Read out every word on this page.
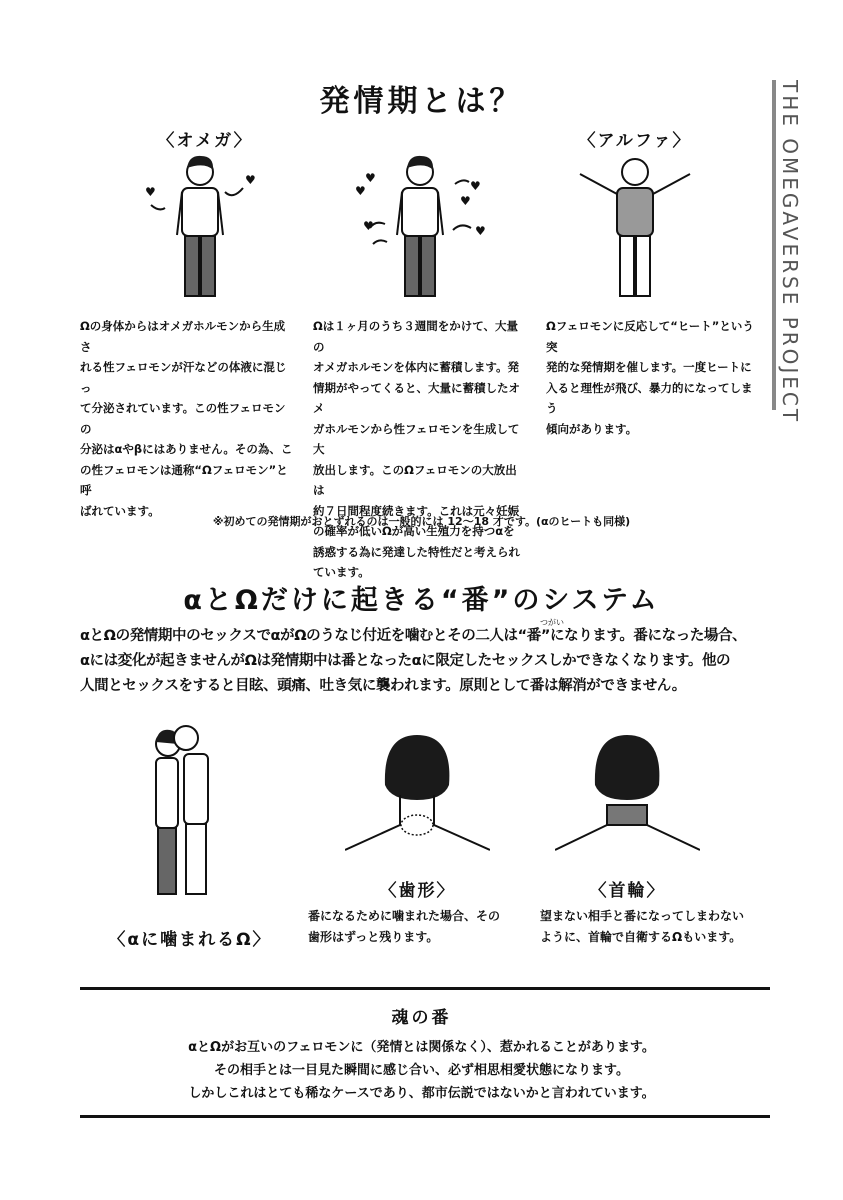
THE OMEGAVERSE PROJECT
発情期とは？
〈オメガ〉	〈アルファ〉
♥
♥	♥
♥	♥
♥
♥	♥
Ωの身体からはオメガホルモンから生成さ
れる性フェロモンが汗などの体液に混じっ
て分泌されています。この性フェロモンの
分泌はαやβにはありません。その為、こ
の性フェロモンは通称“Ωフェロモン”と呼
ばれています。
Ωは１ヶ月のうち３週間をかけて、大量の
オメガホルモンを体内に蓄積します。発
情期がやってくると、大量に蓄積したオメ
ガホルモンから性フェロモンを生成して大
放出します。このΩフェロモンの大放出は
約７日間程度続きます。これは元々妊娠
の確率が低いΩが高い生殖力を持つαを
誘惑する為に発達した特性だと考えられ
ています。
Ωフェロモンに反応して“ヒート”という突
発的な発情期を催します。一度ヒートに
入ると理性が飛び、暴力的になってしまう
傾向があります。
※初めての発情期がおとずれるのは一般的には 12〜18 才です。(αのヒートも同様)
αとΩだけに起きる“番”のシステム
つがい
αとΩの発情期中のセックスでαがΩのうなじ付近を噛むとその二人は“番”になります。番になった場合、
αには変化が起きませんがΩは発情期中は番となったαに限定したセックスしかできなくなります。他の
人間とセックスをすると目眩、頭痛、吐き気に襲われます。原則として番は解消ができません。
〈αに噛まれるΩ〉
〈歯形〉	〈首輪〉
番になるために噛まれた場合、その
歯形はずっと残ります。
望まない相手と番になってしまわない
ように、首輪で自衛するΩもいます。
魂の番
αとΩがお互いのフェロモンに（発情とは関係なく）、惹かれることがあります。
その相手とは一目見た瞬間に感じ合い、必ず相思相愛状態になります。
しかしこれはとても稀なケースであり、都市伝説ではないかと言われています。
